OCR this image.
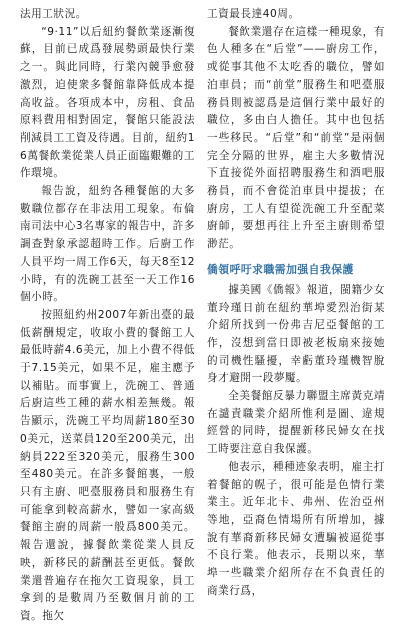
法用工狀況。

“9·11”以后紐約餐飲業逐漸復蘇，目前已成爲發展勢頭最快行業之一。與此同時，行業內競爭愈發激烈，迫使衆多餐館靠降低成本提高收益。各項成本中，房租、食品原料費用相對固定，餐館只能設法削減員工工資及待遇。目前，紐約16萬餐飲業從業人員正面臨艱難的工作環境。

報告說，紐約各種餐館的大多數職位都存在非法用工現象。布倫南司法中心3名專家的報告中，許多調查對象承認超時工作。后廚工作人員平均一周工作6天，每天8至12小時，有的洗碗工甚至一天工作16個小時。

按照紐約州2007年新出臺的最低薪酬規定，收取小費的餐館工人最低時薪4.6美元，加上小費不得低于7.15美元，如果不足，雇主應予以補貼。而事實上，洗碗工、普通后廚這些工種的薪水相差無幾。報告顯示，洗碗工平均周薪180至300美元，送菜員120至200美元，出納員222至320美元，服務生300至480美元。在許多餐館裏，一般只有主廚、吧臺服務員和服務生有可能拿到較高薪水，譬如一家高級餐館主廚的周薪一般爲800美元。報告還說，據餐飲業從業人員反映，新移民的薪酬甚至更低。餐飲業還普遍存在拖欠工資現象，員工拿到的是數周乃至數個月前的工資。拖欠

工資最長達40周。

餐飲業還存在這樣一種現象，有色人種多在“后堂”——廚房工作，或從事其他不太吃香的職位，譬如泊車員；而“前堂”服務生和吧臺服務員則被認爲是這個行業中最好的職位，多由白人擔任。其中也包括一些移民。“后堂”和“前堂”是兩個完全分隔的世界，雇主大多數情況下直接從外面招聘服務生和酒吧服務員，而不會從泊車員中提拔；在廚房，工人有望從洗碗工升至配菜廚師，要想再往上升至主廚則希望渺茫。

僑領呼吁求職需加强自我保護

據美國《僑報》報道，閩籍少女董玲瑾日前在紐約華埠愛烈治街某介紹所找到一份弗吉尼亞餐館的工作，沒想到當日即被老板扇來接她的司機性騷擾，幸虧董玲瑾機智脫身才避開一段夢魘。

全美餐館反暴力聯盟主席黃克靖在譴責職業介紹所惟利是圖、違規經營的同時，提醒新移民婦女在找工時要注意自我保護。

他表示，種種迹象表明，雇主打着餐館的幌子，很可能是色情行業業主。近年北卡、弗州、佐治亞州等地，亞裔色情場所有所增加，據說有華裔新移民婦女遭騙被逼從事不良行業。他表示，長期以來，華埠一些職業介紹所存在不負責任的商業行爲，
